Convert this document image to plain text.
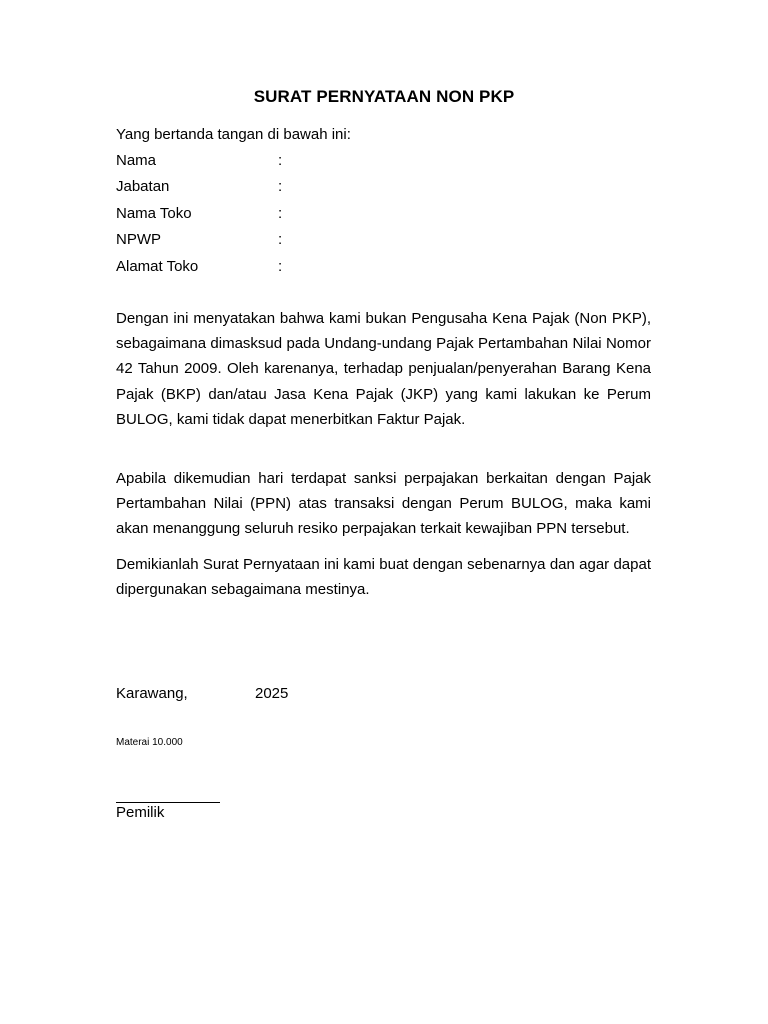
SURAT PERNYATAAN NON PKP
Yang bertanda tangan di bawah ini:
Nama	:
Jabatan	:
Nama Toko	:
NPWP	:
Alamat Toko	:

Dengan ini menyatakan bahwa kami bukan Pengusaha Kena Pajak (Non PKP), sebagaimana dimasksud pada Undang-undang Pajak Pertambahan Nilai Nomor 42 Tahun 2009. Oleh karenanya, terhadap penjualan/penyerahan Barang Kena Pajak (BKP) dan/atau Jasa Kena Pajak (JKP) yang kami lakukan ke Perum BULOG, kami tidak dapat menerbitkan Faktur Pajak.

Apabila dikemudian hari terdapat sanksi perpajakan berkaitan dengan Pajak Pertambahan Nilai (PPN) atas transaksi dengan Perum BULOG, maka kami akan menanggung seluruh resiko perpajakan terkait kewajiban PPN tersebut.

Demikianlah Surat Pernyataan ini kami buat dengan sebenarnya dan agar dapat dipergunakan sebagaimana mestinya.

Karawang,	2025
Materai 10.000
Pemilik
